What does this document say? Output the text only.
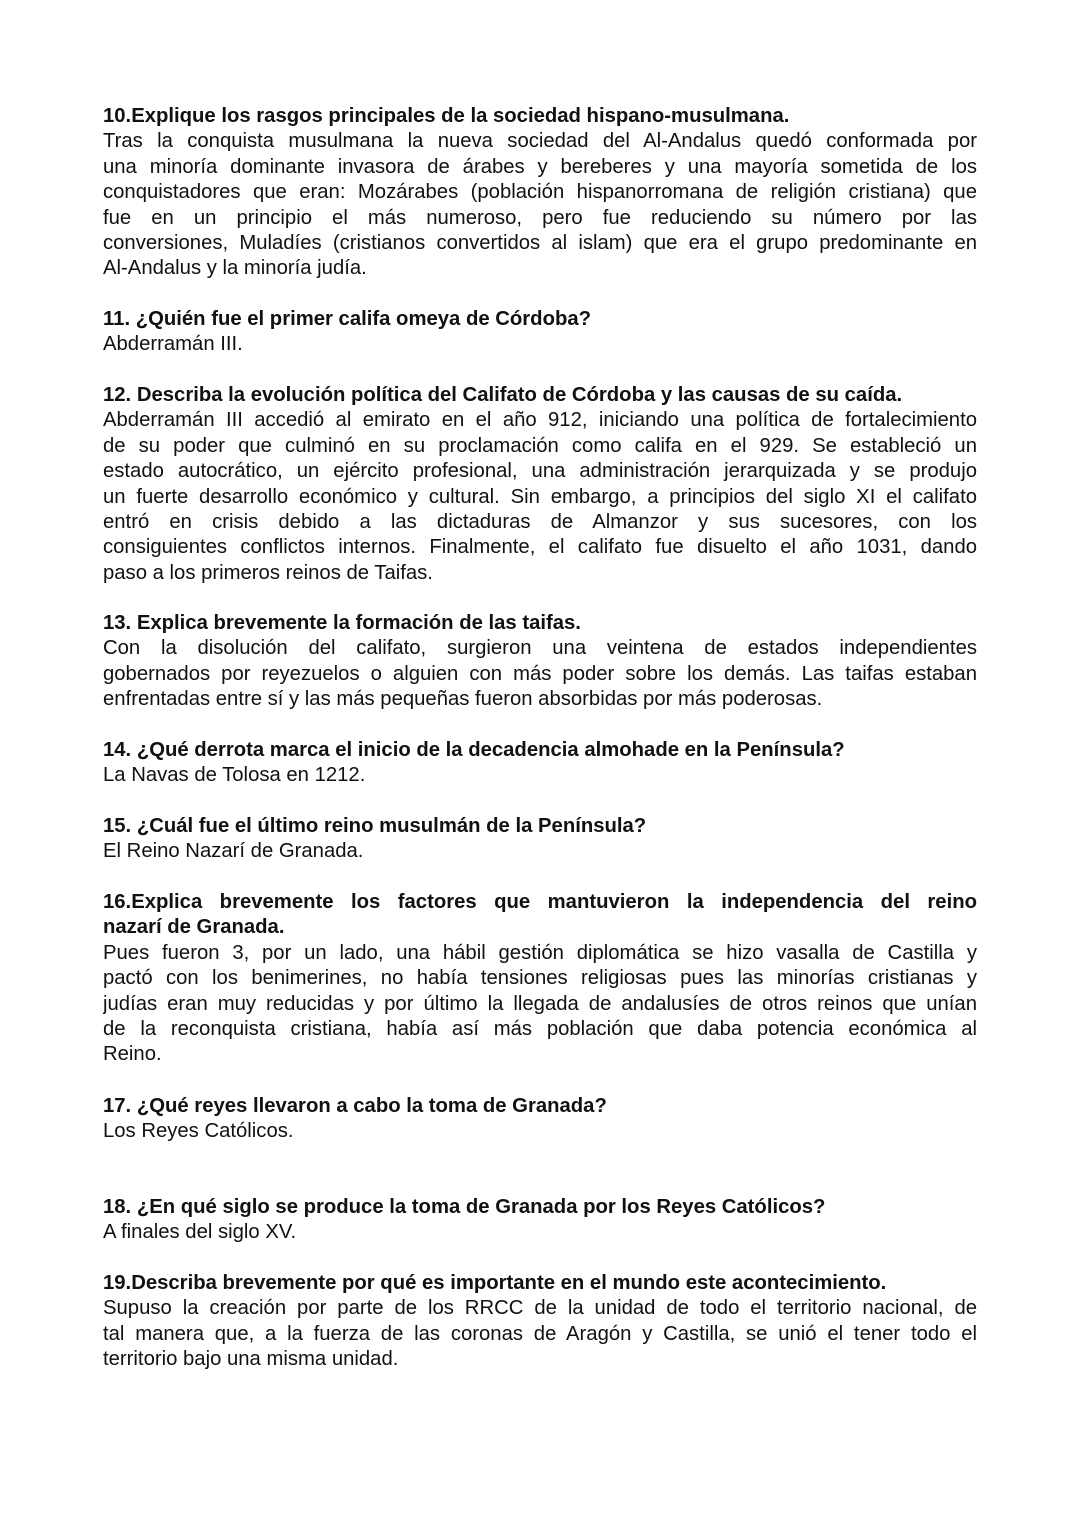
10.Explique los rasgos principales de la sociedad hispano-musulmana.
Tras la conquista musulmana la nueva sociedad del Al-Andalus quedó conformada por
una minoría dominante invasora de árabes y bereberes y una mayoría sometida de los
conquistadores que eran: Mozárabes (población hispanorromana de religión cristiana) que
fue en un principio el más numeroso, pero fue reduciendo su número por las
conversiones, Muladíes (cristianos convertidos al islam) que era el grupo predominante en
Al-Andalus y la minoría judía.
11. ¿Quién fue el primer califa omeya de Córdoba?
Abderramán III.
12. Describa la evolución política del Califato de Córdoba y las causas de su caída.
Abderramán III accedió al emirato en el año 912, iniciando una política de fortalecimiento
de su poder que culminó en su proclamación como califa en el 929. Se estableció un
estado autocrático, un ejército profesional, una administración jerarquizada y se produjo
un fuerte desarrollo económico y cultural. Sin embargo, a principios del siglo XI el califato
entró en crisis debido a las dictaduras de Almanzor y sus sucesores, con los
consiguientes conflictos internos. Finalmente, el califato fue disuelto el año 1031, dando
paso a los primeros reinos de Taifas.
13. Explica brevemente la formación de las taifas.
Con la disolución del califato, surgieron una veintena de estados independientes
gobernados por reyezuelos o alguien con más poder sobre los demás. Las taifas estaban
enfrentadas entre sí y las más pequeñas fueron absorbidas por más poderosas.
14. ¿Qué derrota marca el inicio de la decadencia almohade en la Península?
La Navas de Tolosa en 1212.
15. ¿Cuál fue el último reino musulmán de la Península?
El Reino Nazarí de Granada.
16.Explica brevemente los factores que mantuvieron la independencia del reino
nazarí de Granada.
Pues fueron 3, por un lado, una hábil gestión diplomática se hizo vasalla de Castilla y
pactó con los benimerines, no había tensiones religiosas pues las minorías cristianas y
judías eran muy reducidas y por último la llegada de andalusíes de otros reinos que unían
de la reconquista cristiana, había así más población que daba potencia económica al
Reino.
17. ¿Qué reyes llevaron a cabo la toma de Granada?
Los Reyes Católicos.
18. ¿En qué siglo se produce la toma de Granada por los Reyes Católicos?
A finales del siglo XV.
19.Describa brevemente por qué es importante en el mundo este acontecimiento.
Supuso la creación por parte de los RRCC de la unidad de todo el territorio nacional, de
tal manera que, a la fuerza de las coronas de Aragón y Castilla, se unió el tener todo el
territorio bajo una misma unidad.
